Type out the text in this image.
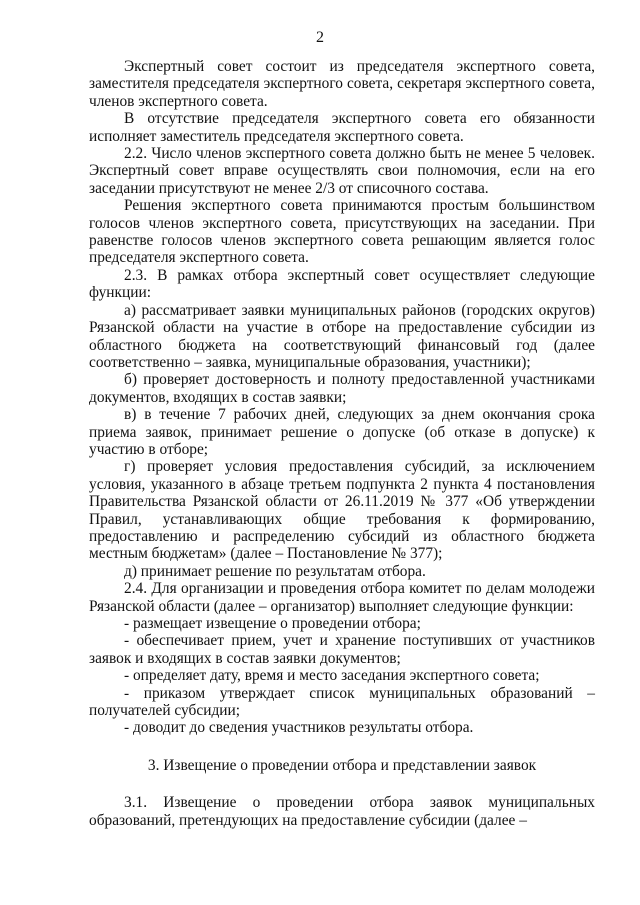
2

Экспертный совет состоит из председателя экспертного совета, заместителя председателя экспертного совета, секретаря экспертного совета, членов экспертного совета.

В отсутствие председателя экспертного совета его обязанности исполняет заместитель председателя экспертного совета.

2.2. Число членов экспертного совета должно быть не менее 5 человек. Экспертный совет вправе осуществлять свои полномочия, если на его заседании присутствуют не менее 2/3 от списочного состава.

Решения экспертного совета принимаются простым большинством голосов членов экспертного совета, присутствующих на заседании. При равенстве голосов членов экспертного совета решающим является голос председателя экспертного совета.

2.3. В рамках отбора экспертный совет осуществляет следующие функции:

а) рассматривает заявки муниципальных районов (городских округов) Рязанской области на участие в отборе на предоставление субсидии из областного бюджета на соответствующий финансовый год (далее соответственно – заявка, муниципальные образования, участники);

б) проверяет достоверность и полноту предоставленной участниками документов, входящих в состав заявки;

в) в течение 7 рабочих дней, следующих за днем окончания срока приема заявок, принимает решение о допуске (об отказе в допуске) к участию в отборе;

г) проверяет условия предоставления субсидий, за исключением условия, указанного в абзаце третьем подпункта 2 пункта 4 постановления Правительства Рязанской области от 26.11.2019 № 377 «Об утверждении Правил, устанавливающих общие требования к формированию, предоставлению и распределению субсидий из областного бюджета местным бюджетам» (далее – Постановление № 377);

д) принимает решение по результатам отбора.

2.4. Для организации и проведения отбора комитет по делам молодежи Рязанской области (далее – организатор) выполняет следующие функции:

- размещает извещение о проведении отбора;

- обеспечивает прием, учет и хранение поступивших от участников заявок и входящих в состав заявки документов;

- определяет дату, время и место заседания экспертного совета;

- приказом утверждает список муниципальных образований – получателей субсидии;

- доводит до сведения участников результаты отбора.

3. Извещение о проведении отбора и представлении заявок

3.1. Извещение о проведении отбора заявок муниципальных образований, претендующих на предоставление субсидии (далее –
